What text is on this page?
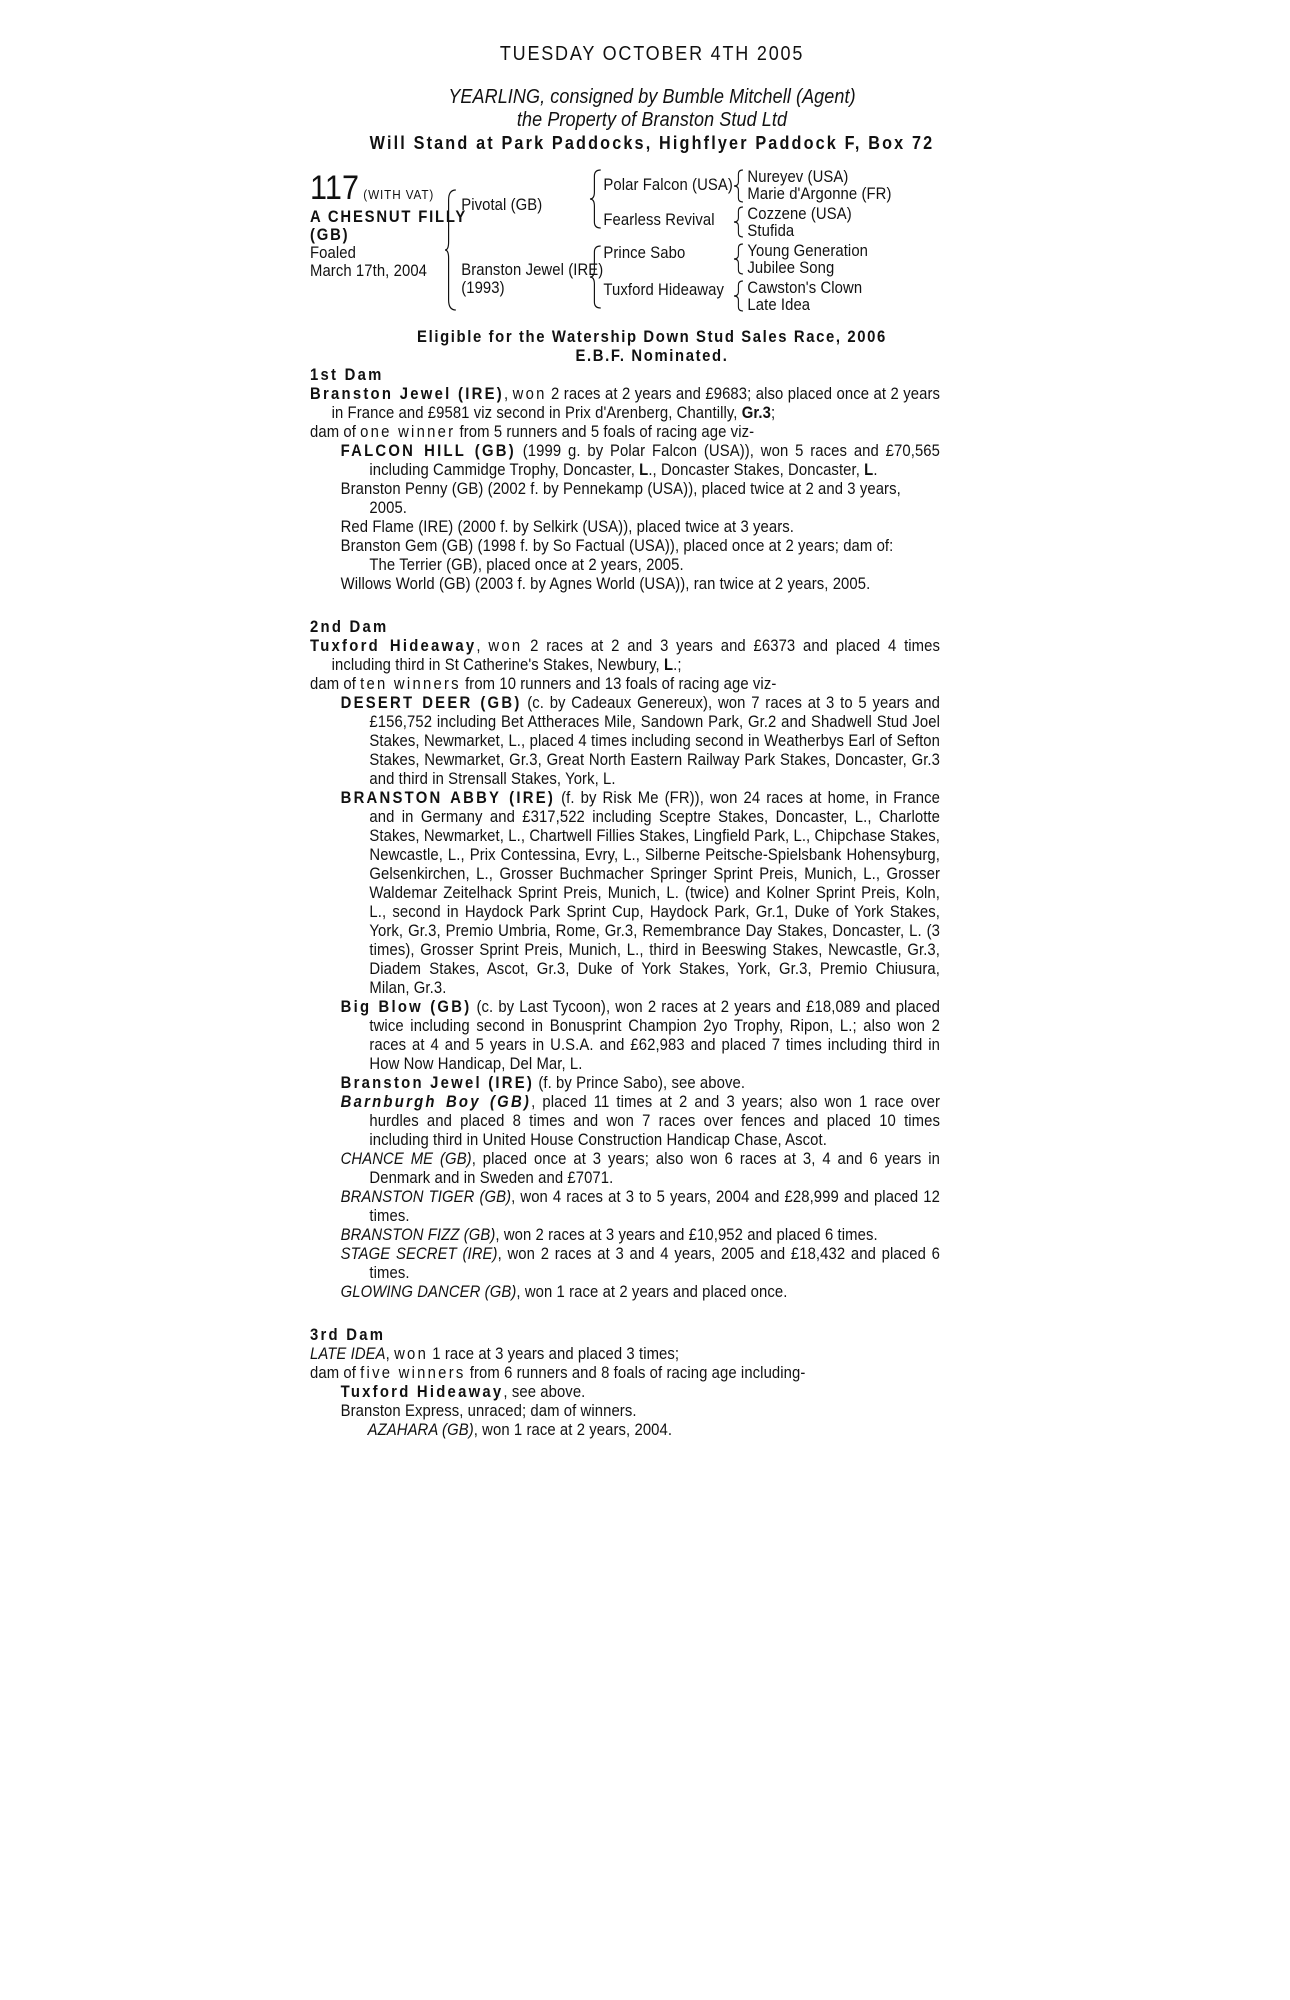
TUESDAY OCTOBER 4TH 2005
YEARLING, consigned by Bumble Mitchell (Agent)
the Property of Branston Stud Ltd
Will Stand at Park Paddocks, Highflyer Paddock F, Box 72
117 (WITH VAT)
A CHESNUT FILLY
(GB)
Foaled
March 17th, 2004
Pivotal (GB)
Branston Jewel (IRE)
(1993)
Polar Falcon (USA)
Fearless Revival
Prince Sabo
Tuxford Hideaway
Nureyev (USA)
Marie d'Argonne (FR)
Cozzene (USA)
Stufida
Young Generation
Jubilee Song
Cawston's Clown
Late Idea
Eligible for the Watership Down Stud Sales Race, 2006
E.B.F. Nominated.
1st Dam
Branston Jewel (IRE), won 2 races at 2 years and £9683; also placed once at 2 years in France and £9581 viz second in Prix d'Arenberg, Chantilly, Gr.3;
dam of one winner from 5 runners and 5 foals of racing age viz-
FALCON HILL (GB) (1999 g. by Polar Falcon (USA)), won 5 races and £70,565 including Cammidge Trophy, Doncaster, L., Doncaster Stakes, Doncaster, L.
Branston Penny (GB) (2002 f. by Pennekamp (USA)), placed twice at 2 and 3 years, 2005.
Red Flame (IRE) (2000 f. by Selkirk (USA)), placed twice at 3 years.
Branston Gem (GB) (1998 f. by So Factual (USA)), placed once at 2 years; dam of:
The Terrier (GB), placed once at 2 years, 2005.
Willows World (GB) (2003 f. by Agnes World (USA)), ran twice at 2 years, 2005.
2nd Dam
Tuxford Hideaway, won 2 races at 2 and 3 years and £6373 and placed 4 times including third in St Catherine's Stakes, Newbury, L.;
dam of ten winners from 10 runners and 13 foals of racing age viz-
DESERT DEER (GB) (c. by Cadeaux Genereux), won 7 races at 3 to 5 years and £156,752 including Bet Attheraces Mile, Sandown Park, Gr.2 and Shadwell Stud Joel Stakes, Newmarket, L., placed 4 times including second in Weatherbys Earl of Sefton Stakes, Newmarket, Gr.3, Great North Eastern Railway Park Stakes, Doncaster, Gr.3 and third in Strensall Stakes, York, L.
BRANSTON ABBY (IRE) (f. by Risk Me (FR)), won 24 races at home, in France and in Germany and £317,522 including Sceptre Stakes, Doncaster, L., Charlotte Stakes, Newmarket, L., Chartwell Fillies Stakes, Lingfield Park, L., Chipchase Stakes, Newcastle, L., Prix Contessina, Evry, L., Silberne Peitsche-Spielsbank Hohensyburg, Gelsenkirchen, L., Grosser Buchmacher Springer Sprint Preis, Munich, L., Grosser Waldemar Zeitelhack Sprint Preis, Munich, L. (twice) and Kolner Sprint Preis, Koln, L., second in Haydock Park Sprint Cup, Haydock Park, Gr.1, Duke of York Stakes, York, Gr.3, Premio Umbria, Rome, Gr.3, Remembrance Day Stakes, Doncaster, L. (3 times), Grosser Sprint Preis, Munich, L., third in Beeswing Stakes, Newcastle, Gr.3, Diadem Stakes, Ascot, Gr.3, Duke of York Stakes, York, Gr.3, Premio Chiusura, Milan, Gr.3.
Big Blow (GB) (c. by Last Tycoon), won 2 races at 2 years and £18,089 and placed twice including second in Bonusprint Champion 2yo Trophy, Ripon, L.; also won 2 races at 4 and 5 years in U.S.A. and £62,983 and placed 7 times including third in How Now Handicap, Del Mar, L.
Branston Jewel (IRE) (f. by Prince Sabo), see above.
Barnburgh Boy (GB), placed 11 times at 2 and 3 years; also won 1 race over hurdles and placed 8 times and won 7 races over fences and placed 10 times including third in United House Construction Handicap Chase, Ascot.
CHANCE ME (GB), placed once at 3 years; also won 6 races at 3, 4 and 6 years in Denmark and in Sweden and £7071.
BRANSTON TIGER (GB), won 4 races at 3 to 5 years, 2004 and £28,999 and placed 12 times.
BRANSTON FIZZ (GB), won 2 races at 3 years and £10,952 and placed 6 times.
STAGE SECRET (IRE), won 2 races at 3 and 4 years, 2005 and £18,432 and placed 6 times.
GLOWING DANCER (GB), won 1 race at 2 years and placed once.
3rd Dam
LATE IDEA, won 1 race at 3 years and placed 3 times;
dam of five winners from 6 runners and 8 foals of racing age including-
Tuxford Hideaway, see above.
Branston Express, unraced; dam of winners.
AZAHARA (GB), won 1 race at 2 years, 2004.
